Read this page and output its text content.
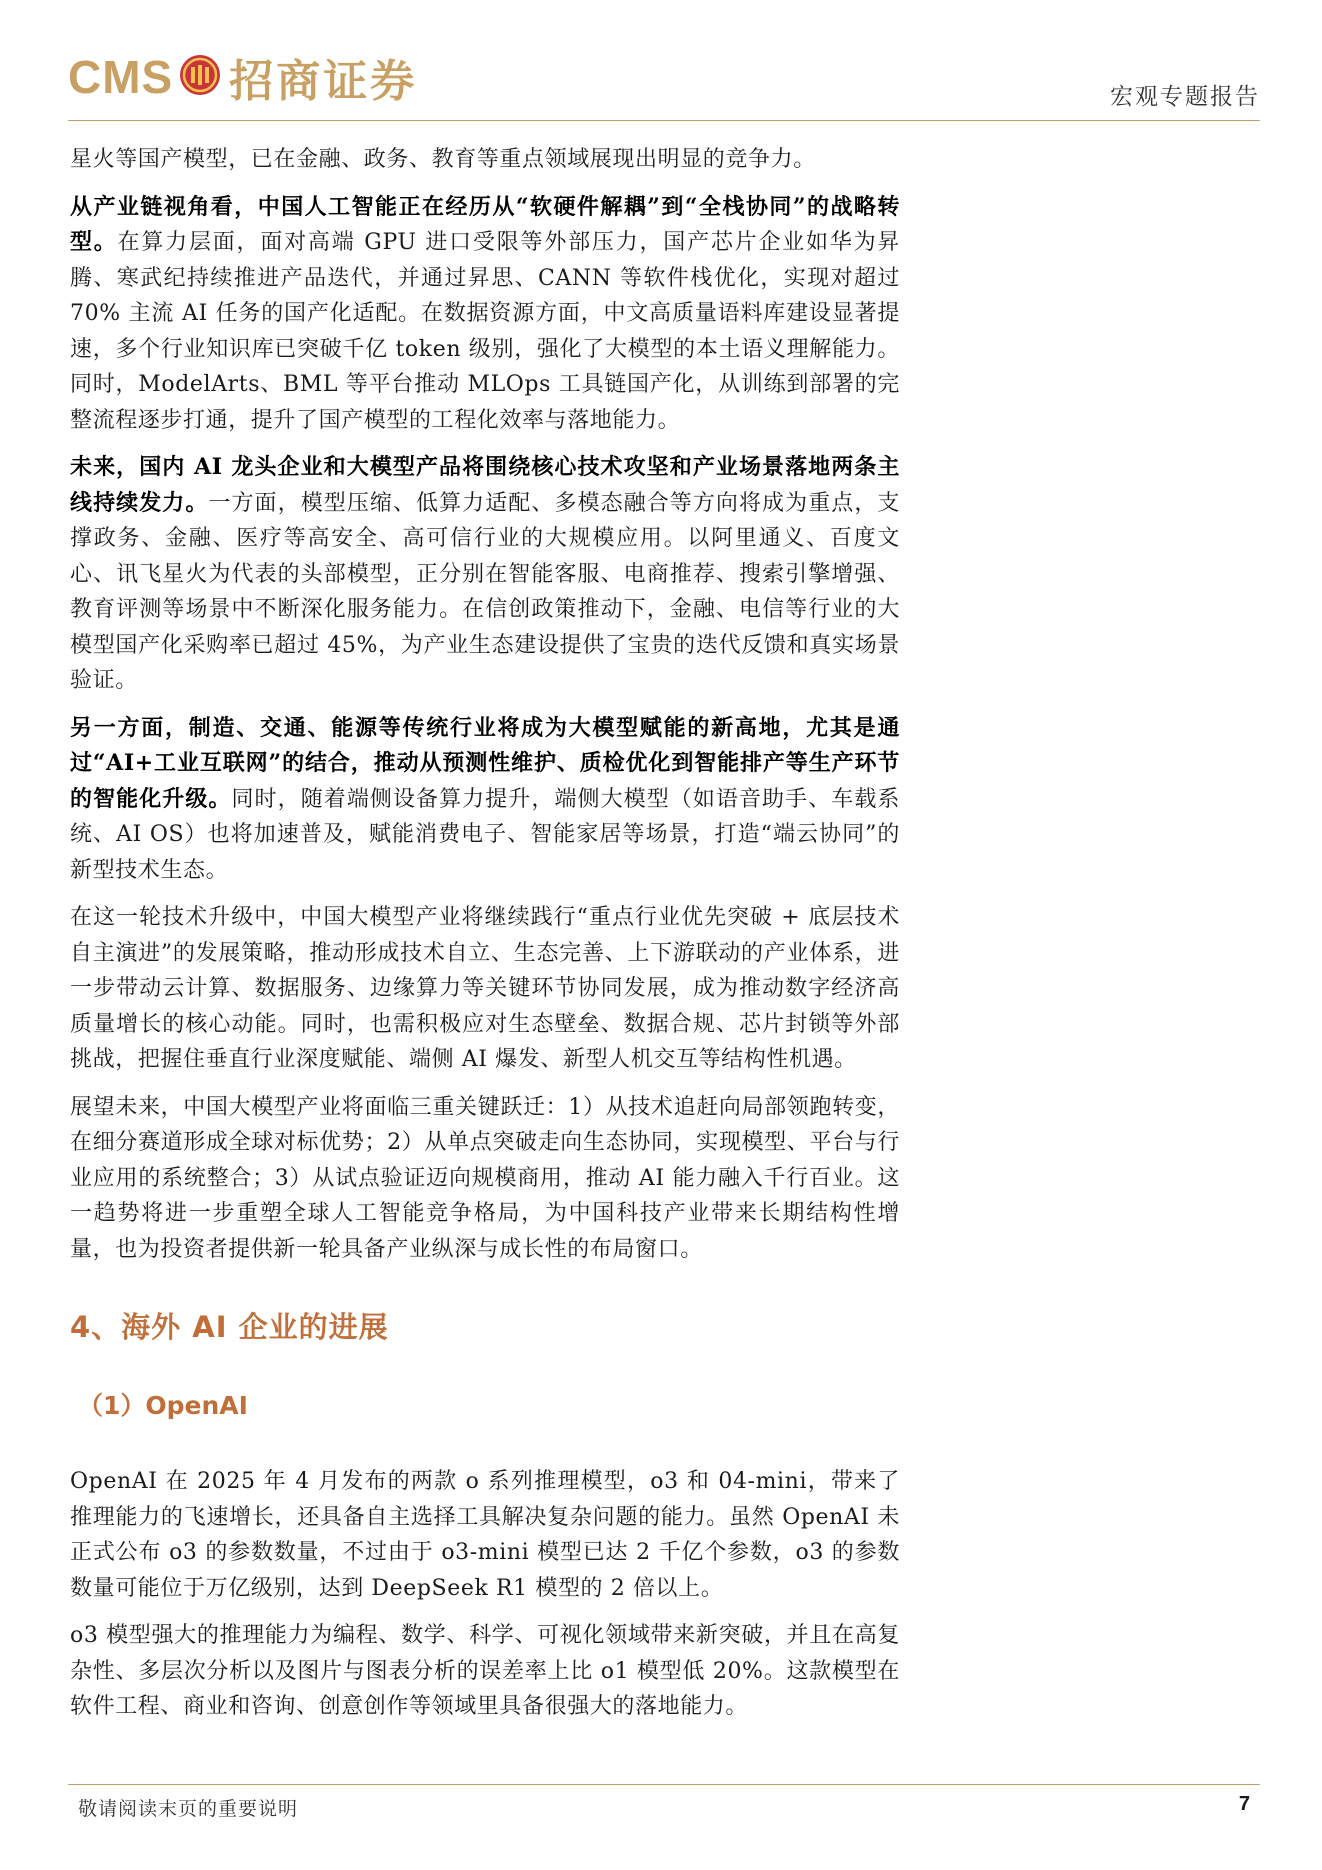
CMS 招商证券	宏观专题报告

星火等国产模型，已在金融、政务、教育等重点领域展现出明显的竞争力。

从产业链视角看，中国人工智能正在经历从“软硬件解耦”到“全栈协同”的战略转型。在算力层面，面对高端 GPU 进口受限等外部压力，国产芯片企业如华为昇腾、寒武纪持续推进产品迭代，并通过昇思、CANN 等软件栈优化，实现对超过 70% 主流 AI 任务的国产化适配。在数据资源方面，中文高质量语料库建设显著提速，多个行业知识库已突破千亿 token 级别，强化了大模型的本土语义理解能力。同时，ModelArts、BML 等平台推动 MLOps 工具链国产化，从训练到部署的完整流程逐步打通，提升了国产模型的工程化效率与落地能力。

未来，国内 AI 龙头企业和大模型产品将围绕核心技术攻坚和产业场景落地两条主线持续发力。一方面，模型压缩、低算力适配、多模态融合等方向将成为重点，支撑政务、金融、医疗等高安全、高可信行业的大规模应用。以阿里通义、百度文心、讯飞星火为代表的头部模型，正分别在智能客服、电商推荐、搜索引擎增强、教育评测等场景中不断深化服务能力。在信创政策推动下，金融、电信等行业的大模型国产化采购率已超过 45%，为产业生态建设提供了宝贵的迭代反馈和真实场景验证。

另一方面，制造、交通、能源等传统行业将成为大模型赋能的新高地，尤其是通过“AI+工业互联网”的结合，推动从预测性维护、质检优化到智能排产等生产环节的智能化升级。同时，随着端侧设备算力提升，端侧大模型（如语音助手、车载系统、AI OS）也将加速普及，赋能消费电子、智能家居等场景，打造“端云协同”的新型技术生态。

在这一轮技术升级中，中国大模型产业将继续践行“重点行业优先突破 + 底层技术自主演进”的发展策略，推动形成技术自立、生态完善、上下游联动的产业体系，进一步带动云计算、数据服务、边缘算力等关键环节协同发展，成为推动数字经济高质量增长的核心动能。同时，也需积极应对生态壁垒、数据合规、芯片封锁等外部挑战，把握住垂直行业深度赋能、端侧 AI 爆发、新型人机交互等结构性机遇。

展望未来，中国大模型产业将面临三重关键跃迁：1）从技术追赶向局部领跑转变，在细分赛道形成全球对标优势；2）从单点突破走向生态协同，实现模型、平台与行业应用的系统整合；3）从试点验证迈向规模商用，推动 AI 能力融入千行百业。这一趋势将进一步重塑全球人工智能竞争格局，为中国科技产业带来长期结构性增量，也为投资者提供新一轮具备产业纵深与成长性的布局窗口。

4、海外 AI 企业的进展
（1）OpenAI

OpenAI 在 2025 年 4 月发布的两款 o 系列推理模型，o3 和 04-mini，带来了推理能力的飞速增长，还具备自主选择工具解决复杂问题的能力。虽然 OpenAI 未正式公布 o3 的参数数量，不过由于 o3-mini 模型已达 2 千亿个参数，o3 的参数数量可能位于万亿级别，达到 DeepSeek R1 模型的 2 倍以上。

o3 模型强大的推理能力为编程、数学、科学、可视化领域带来新突破，并且在高复杂性、多层次分析以及图片与图表分析的误差率上比 o1 模型低 20%。这款模型在软件工程、商业和咨询、创意创作等领域里具备很强大的落地能力。

敬请阅读末页的重要说明	7
